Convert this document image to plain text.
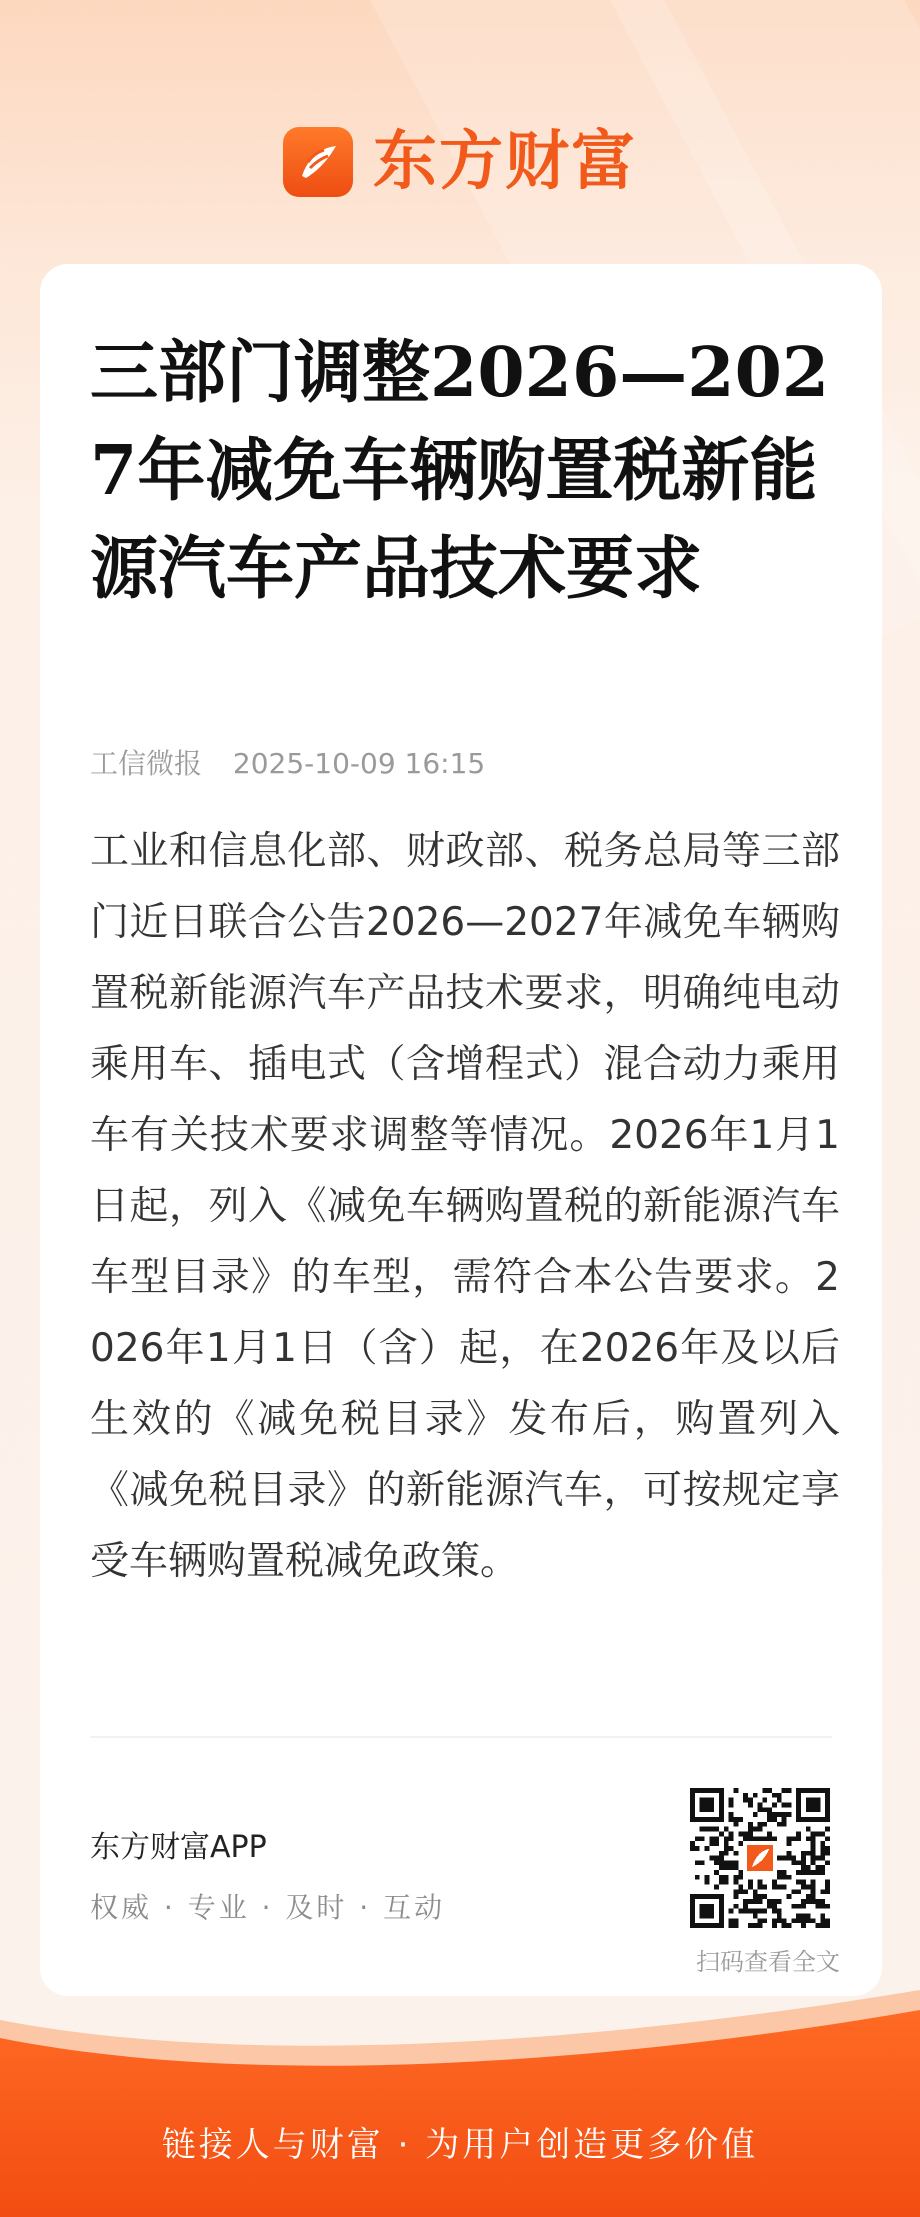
东方财富
三部门调整2026—2027年减免车辆购置税新能源汽车产品技术要求
工信微报 2025-10-09 16:15

工业和信息化部、财政部、税务总局等三部门近日联合公告2026—2027年减免车辆购置税新能源汽车产品技术要求，明确纯电动乘用车、插电式（含增程式）混合动力乘用车有关技术要求调整等情况。2026年1月1日起，列入《减免车辆购置税的新能源汽车车型目录》的车型，需符合本公告要求。2026年1月1日（含）起，在2026年及以后生效的《减免税目录》发布后，购置列入《减免税目录》的新能源汽车，可按规定享受车辆购置税减免政策。

东方财富APP
权威 · 专业 · 及时 · 互动
扫码查看全文
链接人与财富 · 为用户创造更多价值
